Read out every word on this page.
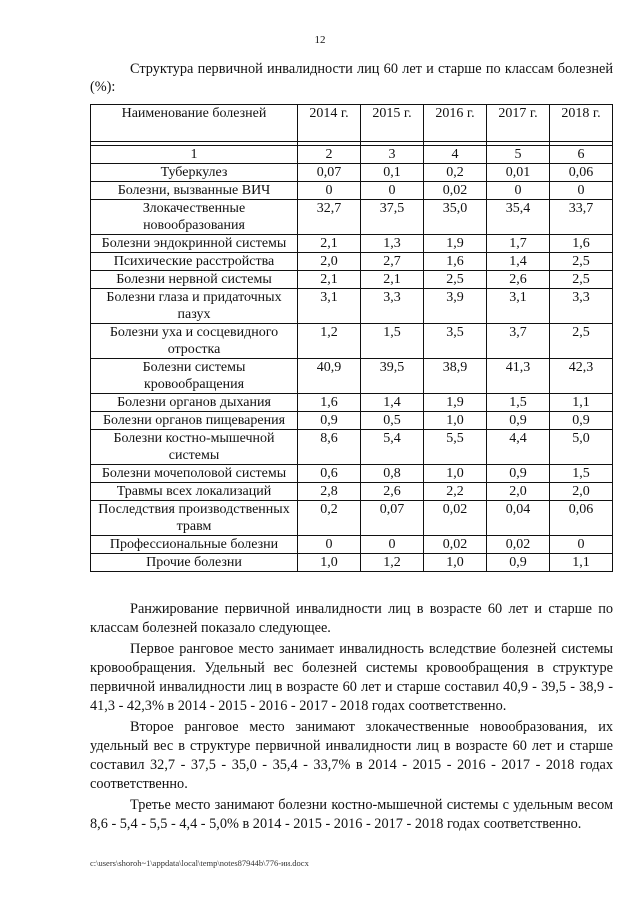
12
Структура первичной инвалидности лиц 60 лет и старше по классам болезней (%):
Наименование болезней	2014 г.	2015 г.	2016 г.	2017 г.	2018 г.

1	2	3	4	5	6
Туберкулез	0,07	0,1	0,2	0,01	0,06
Болезни, вызванные ВИЧ	0	0	0,02	0	0
Злокачественные новообразования	32,7	37,5	35,0	35,4	33,7
Болезни эндокринной системы	2,1	1,3	1,9	1,7	1,6
Психические расстройства	2,0	2,7	1,6	1,4	2,5
Болезни нервной системы	2,1	2,1	2,5	2,6	2,5
Болезни глаза и придаточных пазух	3,1	3,3	3,9	3,1	3,3
Болезни уха и сосцевидного отростка	1,2	1,5	3,5	3,7	2,5
Болезни системы кровообращения	40,9	39,5	38,9	41,3	42,3
Болезни органов дыхания	1,6	1,4	1,9	1,5	1,1
Болезни органов пищеварения	0,9	0,5	1,0	0,9	0,9
Болезни костно-мышечной системы	8,6	5,4	5,5	4,4	5,0
Болезни мочеполовой системы	0,6	0,8	1,0	0,9	1,5
Травмы всех локализаций	2,8	2,6	2,2	2,0	2,0
Последствия производственных травм	0,2	0,07	0,02	0,04	0,06
Профессиональные болезни	0	0	0,02	0,02	0
Прочие болезни	1,0	1,2	1,0	0,9	1,1

Ранжирование первичной инвалидности лиц в возрасте 60 лет и старше по классам болезней показало следующее.

Первое ранговое место занимает инвалидность вследствие болезней системы кровообращения. Удельный вес болезней системы кровообращения в структуре первичной инвалидности лиц в возрасте 60 лет и старше составил 40,9 - 39,5 - 38,9 - 41,3 - 42,3% в 2014 - 2015 - 2016 - 2017 - 2018 годах соответственно.

Второе ранговое место занимают злокачественные новообразования, их удельный вес в структуре первичной инвалидности лиц в возрасте 60 лет и старше составил 32,7 - 37,5 - 35,0 - 35,4 - 33,7% в 2014 - 2015 - 2016 - 2017 - 2018 годах соответственно.

Третье место занимают болезни костно-мышечной системы с удельным весом 8,6 - 5,4 - 5,5 - 4,4 - 5,0% в 2014 - 2015 - 2016 - 2017 - 2018 годах соответственно.

c:\users\shoroh~1\appdata\local\temp\notes87944b\776-ии.docx
